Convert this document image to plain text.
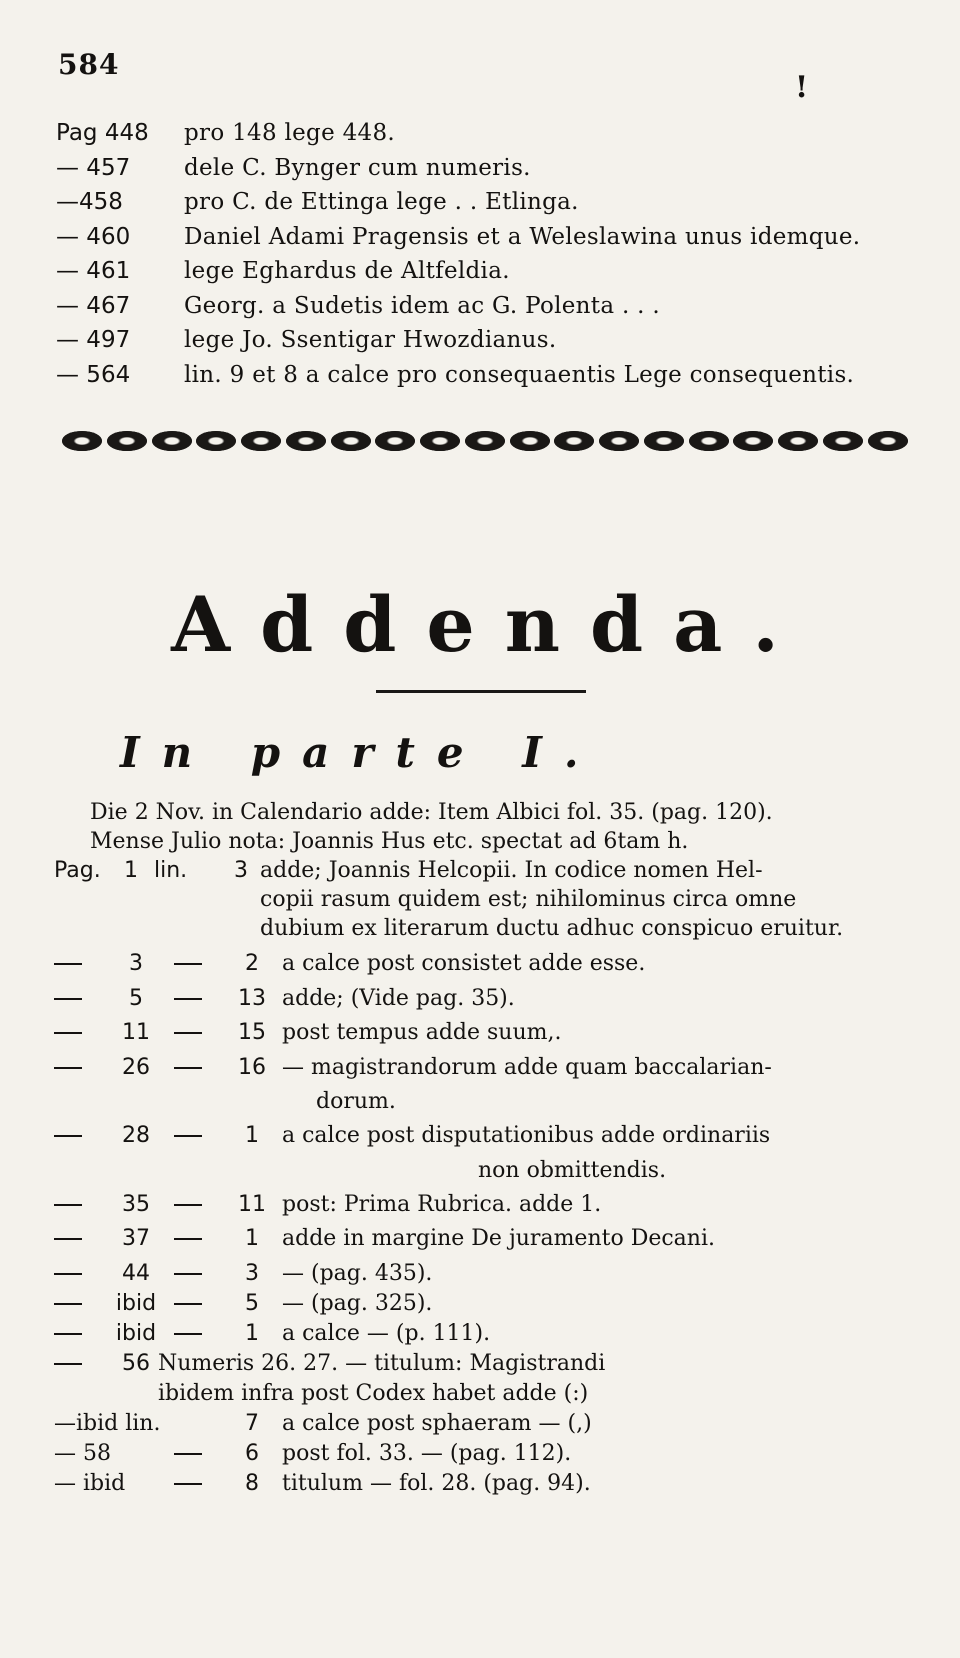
584
!
Pag 448	pro 148 lege 448.
— 457	dele C. Bynger cum numeris.
—458	pro C. de Ettinga lege . . Etlinga.
— 460	Daniel Adami Pragensis et a Weleslawina unus idemque.
— 461	lege Eghardus de Altfeldia.
— 467	Georg. a Sudetis idem ac G. Polenta . . .
— 497	lege Jo. Ssentigar Hwozdianus.
— 564	lin. 9 et 8 a calce pro consequaentis Lege consequentis.
Addenda.
In parte I.
Die 2 Nov. in Calendario adde: Item Albici fol. 35. (pag. 120).
Mense Julio nota: Joannis Hus etc. spectat ad 6tam h.
Pag. 1 lin. 3 adde; Joannis Helcopii. In codice nomen Hel-
copii rasum quidem est; nihilominus circa omne
dubium ex literarum ductu adhuc conspicuo eruitur.
3	2	a calce post consistet adde esse.
5	13 adde; (Vide pag. 35).
11	15 post tempus adde suum,.
26	16 — magistrandorum adde quam baccalarian-
dorum.
28	1	a calce post disputationibus adde ordinariis
non obmittendis.
35	11 post: Prima Rubrica. adde 1.
37	1	adde in margine De juramento Decani.
44	3	— (pag. 435).
ibid	5	— (pag. 325).
ibid	1	a calce — (p. 111).
56 Numeris 26. 27. — titulum: Magistrandi
ibidem infra post Codex habet adde (:)
—ibid lin.	7	a calce post sphaeram — (,)
— 58	6	post fol. 33. — (pag. 112).
— ibid	8	titulum — fol. 28. (pag. 94).
